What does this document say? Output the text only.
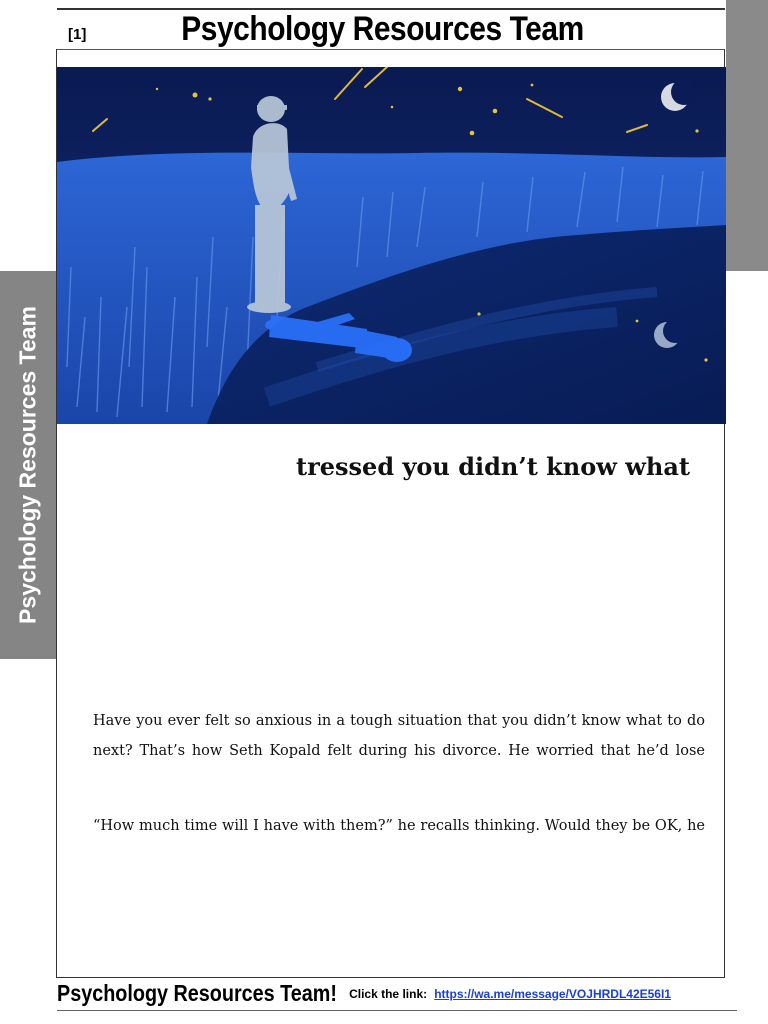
[1]	Psychology Resources Team
Psychology Resources Team	tressed you didn’t know what
Have you ever felt so anxious in a tough situation that you didn’t know what to do next? That’s how Seth Kopald felt during his divorce. He worried that he’d lose
“How much time will I have with them?” he recalls thinking. Would they be OK, he
Psychology Resources Team! Click the link: https://wa.me/message/VOJHRDL42E56I1
